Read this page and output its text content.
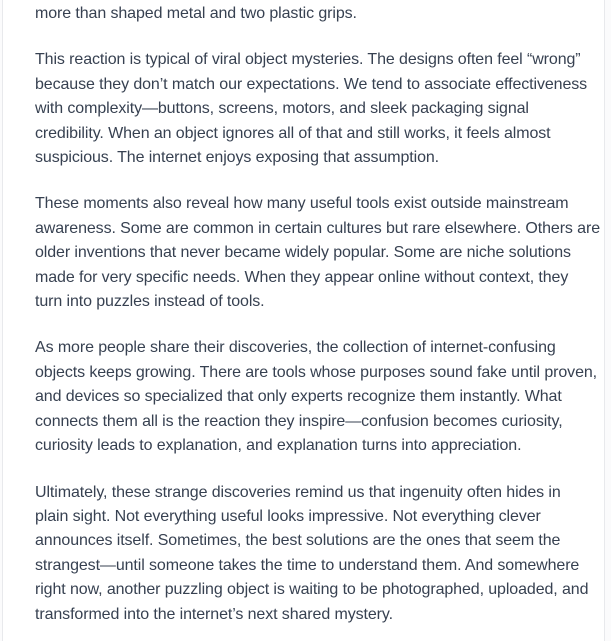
more than shaped metal and two plastic grips.

This reaction is typical of viral object mysteries. The designs often feel “wrong”
because they don’t match our expectations. We tend to associate effectiveness
with complexity—buttons, screens, motors, and sleek packaging signal
credibility. When an object ignores all of that and still works, it feels almost
suspicious. The internet enjoys exposing that assumption.

These moments also reveal how many useful tools exist outside mainstream
awareness. Some are common in certain cultures but rare elsewhere. Others are
older inventions that never became widely popular. Some are niche solutions
made for very specific needs. When they appear online without context, they
turn into puzzles instead of tools.

As more people share their discoveries, the collection of internet-confusing
objects keeps growing. There are tools whose purposes sound fake until proven,
and devices so specialized that only experts recognize them instantly. What
connects them all is the reaction they inspire—confusion becomes curiosity,
curiosity leads to explanation, and explanation turns into appreciation.

Ultimately, these strange discoveries remind us that ingenuity often hides in
plain sight. Not everything useful looks impressive. Not everything clever
announces itself. Sometimes, the best solutions are the ones that seem the
strangest—until someone takes the time to understand them. And somewhere
right now, another puzzling object is waiting to be photographed, uploaded, and
transformed into the internet’s next shared mystery.
